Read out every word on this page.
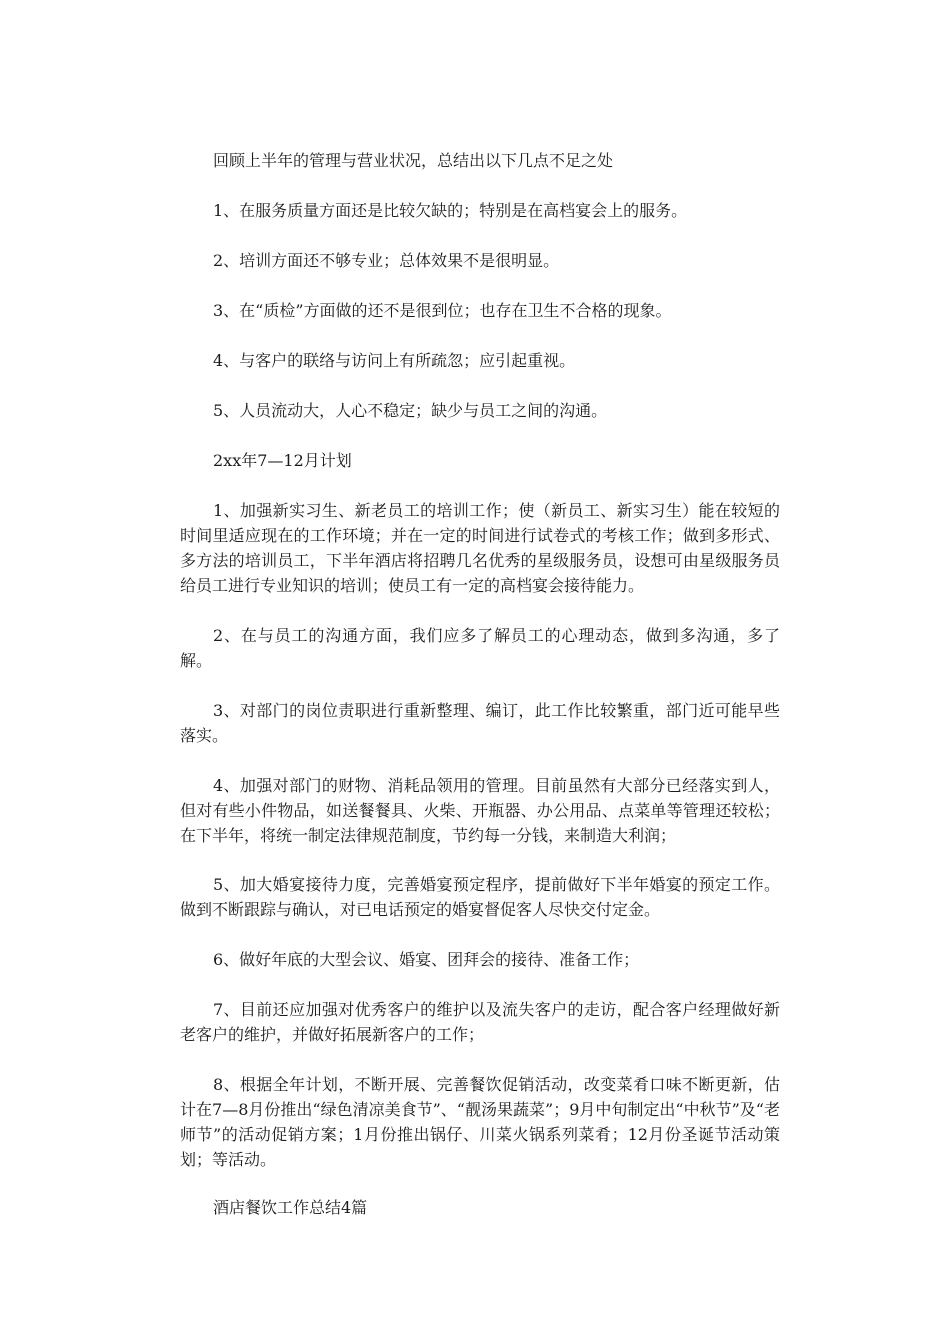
回顾上半年的管理与营业状况，总结出以下几点不足之处

1、在服务质量方面还是比较欠缺的；特别是在高档宴会上的服务。

2、培训方面还不够专业；总体效果不是很明显。

3、在“质检”方面做的还不是很到位；也存在卫生不合格的现象。

4、与客户的联络与访问上有所疏忽；应引起重视。

5、人员流动大，人心不稳定；缺少与员工之间的沟通。

2xx年7—12月计划

1、加强新实习生、新老员工的培训工作；使（新员工、新实习生）能在较短的时间里适应现在的工作环境；并在一定的时间进行试卷式的考核工作；做到多形式、多方法的培训员工，下半年酒店将招聘几名优秀的星级服务员，设想可由星级服务员给员工进行专业知识的培训；使员工有一定的高档宴会接待能力。

2、在与员工的沟通方面，我们应多了解员工的心理动态，做到多沟通，多了解。

3、对部门的岗位责职进行重新整理、编订，此工作比较繁重，部门近可能早些落实。

4、加强对部门的财物、消耗品领用的管理。目前虽然有大部分已经落实到人，但对有些小件物品，如送餐餐具、火柴、开瓶器、办公用品、点菜单等管理还较松；在下半年，将统一制定法律规范制度，节约每一分钱，来制造大利润；

5、加大婚宴接待力度，完善婚宴预定程序，提前做好下半年婚宴的预定工作。做到不断跟踪与确认，对已电话预定的婚宴督促客人尽快交付定金。

6、做好年底的大型会议、婚宴、团拜会的接待、准备工作；

7、目前还应加强对优秀客户的维护以及流失客户的走访，配合客户经理做好新老客户的维护，并做好拓展新客户的工作；

8、根据全年计划，不断开展、完善餐饮促销活动，改变菜肴口味不断更新，估计在7—8月份推出“绿色清凉美食节”、“靓汤果蔬菜”；9月中旬制定出“中秋节”及“老师节”的活动促销方案；1月份推出锅仔、川菜火锅系列菜肴；12月份圣诞节活动策划；等活动。

酒店餐饮工作总结4篇
